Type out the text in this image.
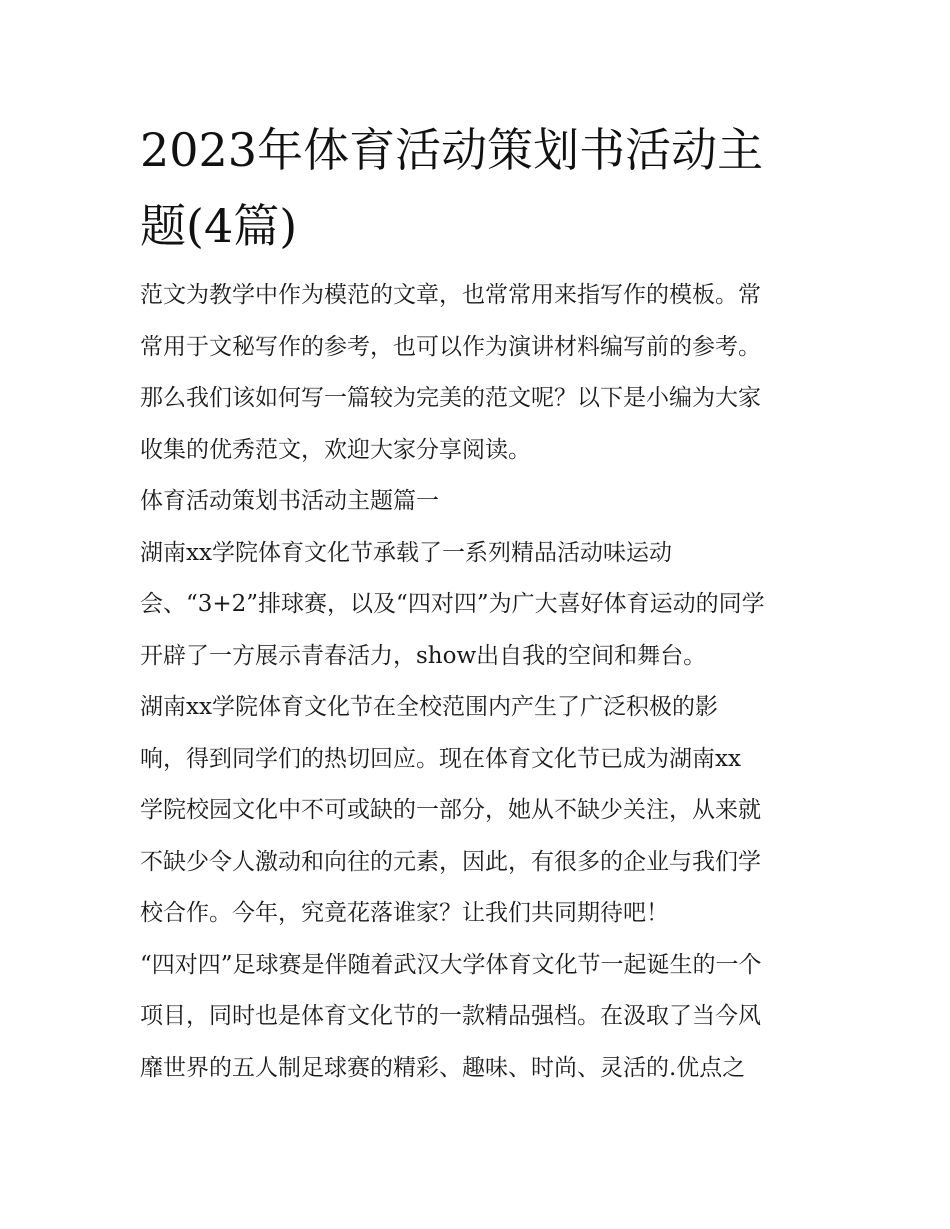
2023年体育活动策划书活动主
题(4篇)
范文为教学中作为模范的文章，也常常用来指写作的模板。常
常用于文秘写作的参考，也可以作为演讲材料编写前的参考。
那么我们该如何写一篇较为完美的范文呢？以下是小编为大家
收集的优秀范文，欢迎大家分享阅读。
体育活动策划书活动主题篇一
湖南xx学院体育文化节承载了一系列精品活动味运动
会、“3+2”排球赛，以及“四对四”为广大喜好体育运动的同学
开辟了一方展示青春活力，show出自我的空间和舞台。
湖南xx学院体育文化节在全校范围内产生了广泛积极的影
响，得到同学们的热切回应。现在体育文化节已成为湖南xx
学院校园文化中不可或缺的一部分，她从不缺少关注，从来就
不缺少令人激动和向往的元素，因此，有很多的企业与我们学
校合作。今年，究竟花落谁家？让我们共同期待吧！
“四对四”足球赛是伴随着武汉大学体育文化节一起诞生的一个
项目，同时也是体育文化节的一款精品强档。在汲取了当今风
靡世界的五人制足球赛的精彩、趣味、时尚、灵活的.优点之
